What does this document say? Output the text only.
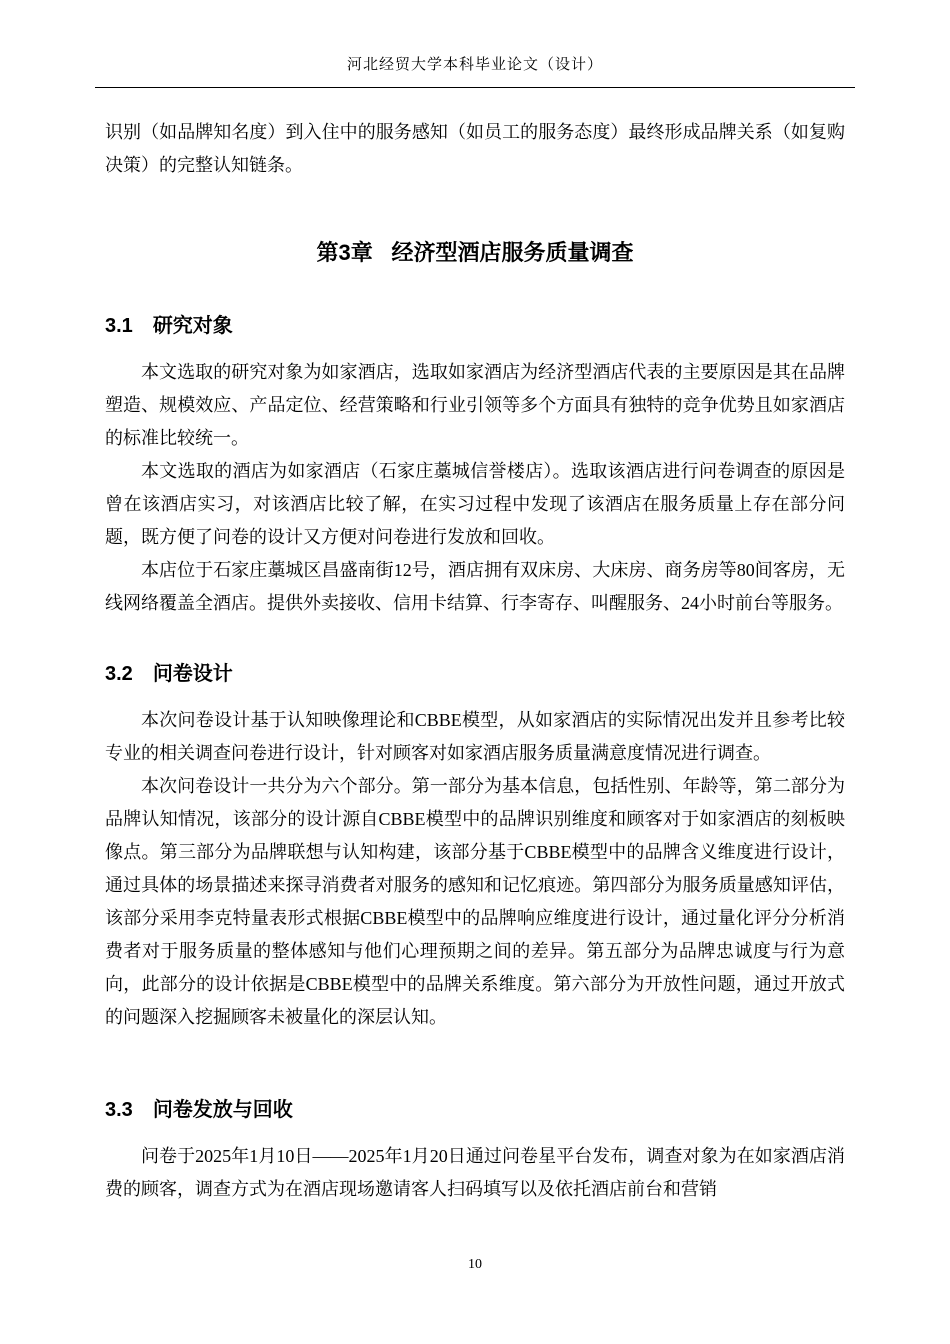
河北经贸大学本科毕业论文（设计）

识别（如品牌知名度）到入住中的服务感知（如员工的服务态度）最终形成品牌关系（如复购决策）的完整认知链条。

第3章 经济型酒店服务质量调查
3.1 研究对象

本文选取的研究对象为如家酒店，选取如家酒店为经济型酒店代表的主要原因是其在品牌塑造、规模效应、产品定位、经营策略和行业引领等多个方面具有独特的竞争优势且如家酒店的标准比较统一。

本文选取的酒店为如家酒店（石家庄藁城信誉楼店）。选取该酒店进行问卷调查的原因是曾在该酒店实习，对该酒店比较了解，在实习过程中发现了该酒店在服务质量上存在部分问题，既方便了问卷的设计又方便对问卷进行发放和回收。

本店位于石家庄藁城区昌盛南街12号，酒店拥有双床房、大床房、商务房等80间客房，无线网络覆盖全酒店。提供外卖接收、信用卡结算、行李寄存、叫醒服务、24小时前台等服务。

3.2 问卷设计

本次问卷设计基于认知映像理论和CBBE模型，从如家酒店的实际情况出发并且参考比较专业的相关调查问卷进行设计，针对顾客对如家酒店服务质量满意度情况进行调查。

本次问卷设计一共分为六个部分。第一部分为基本信息，包括性别、年龄等，第二部分为品牌认知情况，该部分的设计源自CBBE模型中的品牌识别维度和顾客对于如家酒店的刻板映像点。第三部分为品牌联想与认知构建，该部分基于CBBE模型中的品牌含义维度进行设计，通过具体的场景描述来探寻消费者对服务的感知和记忆痕迹。第四部分为服务质量感知评估，该部分采用李克特量表形式根据CBBE模型中的品牌响应维度进行设计，通过量化评分分析消费者对于服务质量的整体感知与他们心理预期之间的差异。第五部分为品牌忠诚度与行为意向，此部分的设计依据是CBBE模型中的品牌关系维度。第六部分为开放性问题，通过开放式的问题深入挖掘顾客未被量化的深层认知。

3.3 问卷发放与回收

问卷于2025年1月10日——2025年1月20日通过问卷星平台发布，调查对象为在如家酒店消费的顾客，调查方式为在酒店现场邀请客人扫码填写以及依托酒店前台和营销

10
